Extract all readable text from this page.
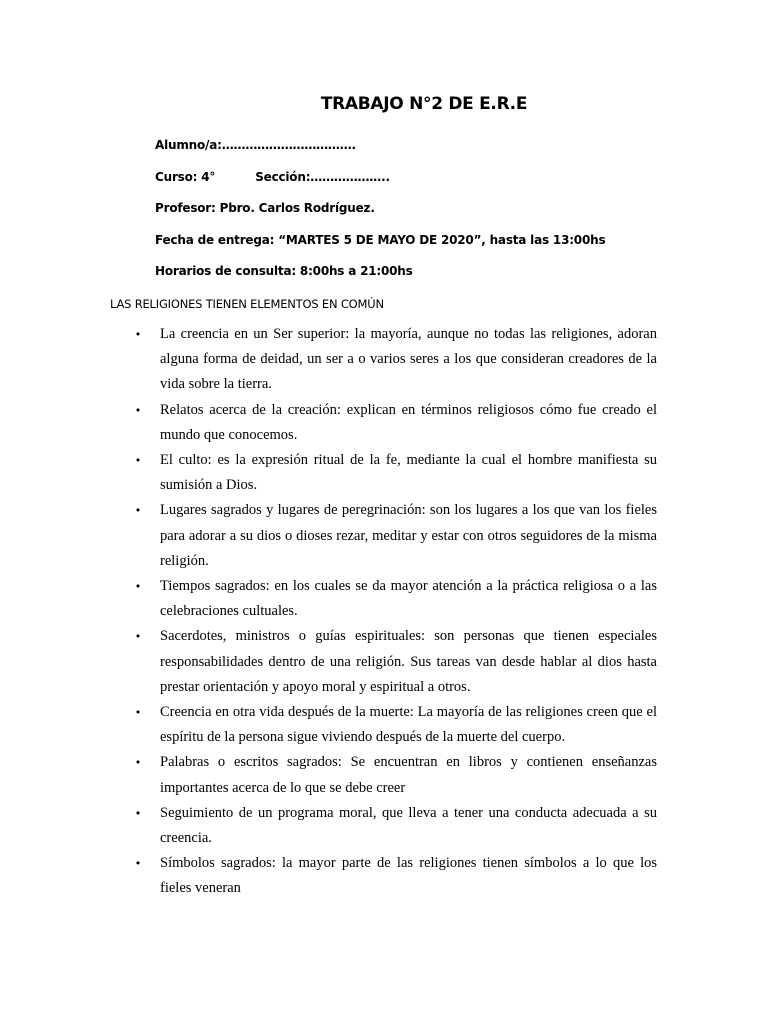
TRABAJO N°2 DE E.R.E
Alumno/a:…………………………….
Curso: 4°	Sección:………………..
Profesor: Pbro. Carlos Rodríguez.
Fecha de entrega: “MARTES 5 DE MAYO DE 2020”, hasta las 13:00hs
Horarios de consulta: 8:00hs a 21:00hs
LAS RELIGIONES TIENEN ELEMENTOS EN COMÚN
• La creencia en un Ser superior: la mayoría, aunque no todas las religiones, adoran alguna forma de deidad, un ser a o varios seres a los que consideran creadores de la vida sobre la tierra.
• Relatos acerca de la creación: explican en términos religiosos cómo fue creado el mundo que conocemos.
• El culto: es la expresión ritual de la fe, mediante la cual el hombre manifiesta su sumisión a Dios.
• Lugares sagrados y lugares de peregrinación: son los lugares a los que van los fieles para adorar a su dios o dioses rezar, meditar y estar con otros seguidores de la misma religión.
• Tiempos sagrados: en los cuales se da mayor atención a la práctica religiosa o a las celebraciones cultuales.
• Sacerdotes, ministros o guías espirituales: son personas que tienen especiales responsabilidades dentro de una religión. Sus tareas van desde hablar al dios hasta prestar orientación y apoyo moral y espiritual a otros.
• Creencia en otra vida después de la muerte: La mayoría de las religiones creen que el espíritu de la persona sigue viviendo después de la muerte del cuerpo.
• Palabras o escritos sagrados: Se encuentran en libros y contienen enseñanzas importantes acerca de lo que se debe creer
• Seguimiento de un programa moral, que lleva a tener una conducta adecuada a su creencia.
• Símbolos sagrados: la mayor parte de las religiones tienen símbolos a lo que los fieles veneran
